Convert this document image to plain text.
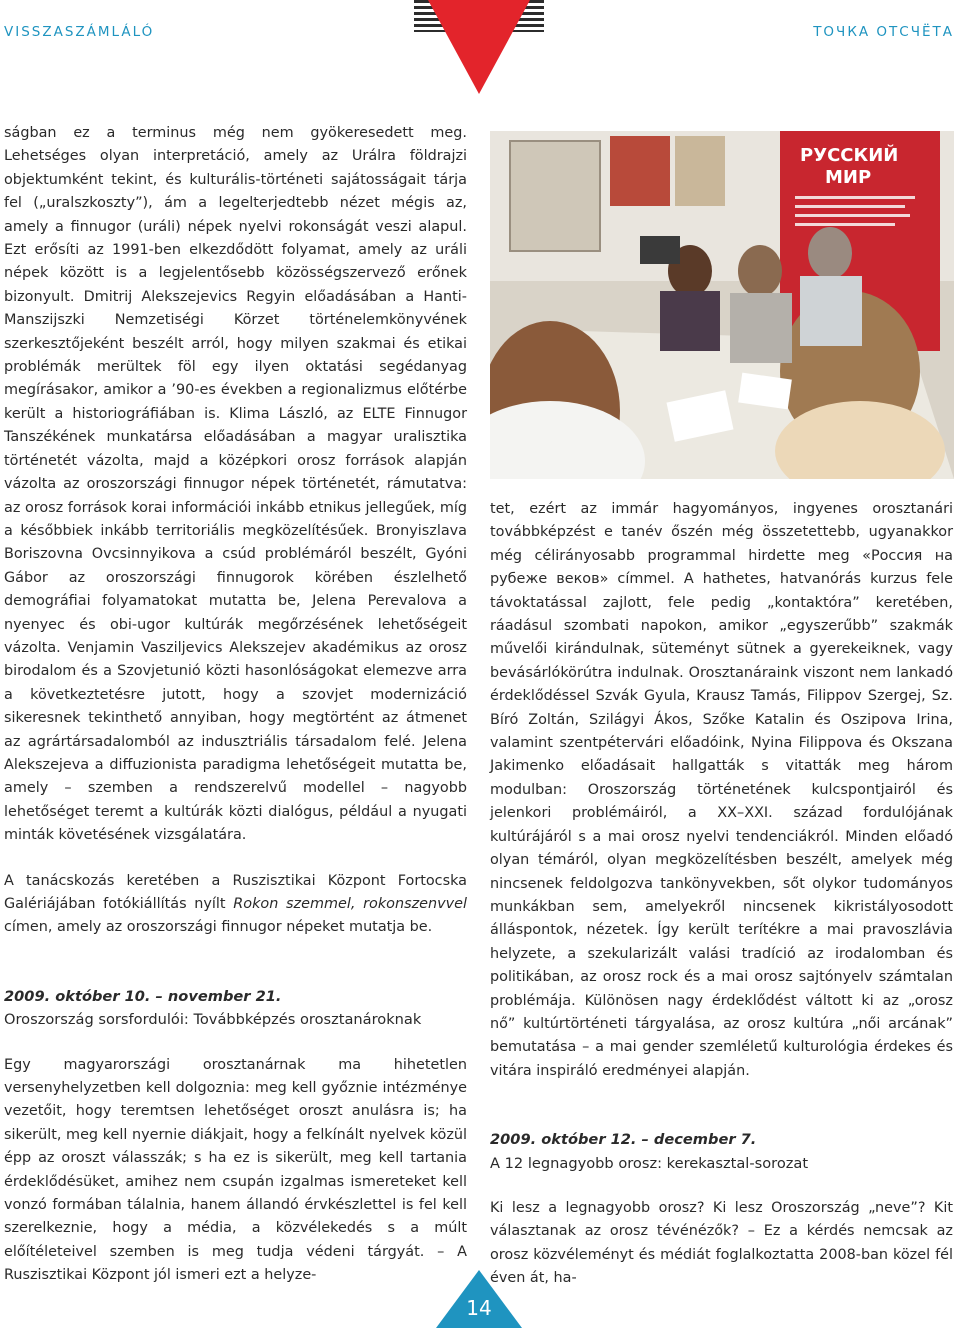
VISSZASZÁMLÁLÓ	ТОЧКА ОТСЧЁТА
РУССКИЙ
МИР

ságban ez a terminus még nem gyökeresedett meg. Lehetséges olyan interpretáció, amely az Urálra földrajzi objektumként tekint, és kulturális-történeti sajátosságait tárja fel („uralszkoszty”), ám a legelterjedtebb nézet mégis az, amely a finnugor (uráli) népek nyelvi rokonságát veszi alapul. Ezt erősíti az 1991-ben elkezdődött folyamat, amely az uráli népek között is a legjelentősebb közösségszervező erőnek bizonyult. Dmitrij Alekszejevics Regyin előadásában a Hanti-Manszijszki Nemzetiségi Körzet történelemkönyvének szerkesztőjeként beszélt arról, hogy milyen szakmai és etikai problémák merültek föl egy ilyen oktatási segédanyag megírásakor, amikor a ’90-es években a regionalizmus előtérbe került a historiográfiában is. Klima László, az ELTE Finnugor Tanszékének munkatársa előadásában a magyar uralisztika történetét vázolta, majd a középkori orosz források alapján vázolta az oroszországi finnugor népek történetét, rámutatva: az orosz források korai információi inkább etnikus jellegűek, míg a későbbiek inkább territoriális megközelítésűek. Bronyiszlava Boriszovna Ovcsinnyikova a csúd problémáról beszélt, Gyóni Gábor az oroszországi finnugorok körében észlelhető demográfiai folyamatokat mutatta be, Jelena Perevalova a nyenyec és obi-ugor kultúrák megőrzésének lehetőségeit vázolta. Venjamin Vasziljevics Alekszejev akadémikus az orosz birodalom és a Szovjetunió közti hasonlóságokat elemezve arra a következtetésre jutott, hogy a szovjet modernizáció sikeresnek tekinthető annyiban, hogy megtörtént az átmenet az agrártársadalomból az indusztriális társadalom felé. Jelena Alekszejeva a diffuzionista paradigma lehetőségeit mutatta be, amely – szemben a rendszerelvű modellel – nagyobb lehetőséget teremt a kultúrák közti dialógus, például a nyugati minták követésének vizsgálatára.

A tanácskozás keretében a Ruszisztikai Központ Fortocska Galériájában fotókiállítás nyílt Rokon szemmel, rokonszenvvel címen, amely az oroszországi finnugor népeket mutatja be.

2009. október 10. – november 21.
Oroszország sorsfordulói: Továbbképzés orosztanároknak

Egy magyarországi orosztanárnak ma hihetetlen versenyhelyzetben kell dolgoznia: meg kell győznie intézménye vezetőit, hogy teremtsen lehetőséget oroszt anulásra is; ha sikerült, meg kell nyernie diákjait, hogy a felkínált nyelvek közül épp az oroszt válasszák; s ha ez is sikerült, meg kell tartania érdeklődésüket, amihez nem csupán izgalmas ismereteket kell vonzó formában tálalnia, hanem állandó érvkészlettel is fel kell szerelkeznie, hogy a média, a közvélekedés s a múlt előítéleteivel szemben is meg tudja védeni tárgyát. – A Ruszisztikai Központ jól ismeri ezt a helyze-

tet, ezért az immár hagyományos, ingyenes orosztanári továbbképzést e tanév őszén még összetettebb, ugyanakkor még célirányosabb programmal hirdette meg «Россия на рубеже веков» címmel. A hathetes, hatvanórás kurzus fele távoktatással zajlott, fele pedig „kontaktóra” keretében, ráadásul szombati napokon, amikor „egyszerűbb” szakmák művelői kirándulnak, süteményt sütnek a gyerekeiknek, vagy bevásárlókörútra indulnak. Orosztanáraink viszont nem lankadó érdeklődéssel Szvák Gyula, Krausz Tamás, Filippov Szergej, Sz. Bíró Zoltán, Szilágyi Ákos, Szőke Katalin és Oszipova Irina, valamint szentpétervári előadóink, Nyina Filippova és Okszana Jakimenko előadásait hallgatták s vitatták meg három modulban: Oroszország történetének kulcspontjairól és jelenkori problémáiról, a XX–XXI. század fordulójának kultúrájáról s a mai orosz nyelvi tendenciákról. Minden előadó olyan témáról, olyan megközelítésben beszélt, amelyek még nincsenek feldolgozva tankönyvekben, sőt olykor tudományos munkákban sem, amelyekről nincsenek kikristályosodott álláspontok, nézetek. Így került terítékre a mai pravoszlávia helyzete, a szekularizált valási tradíció az irodalomban és politikában, az orosz rock és a mai orosz sajtónyelv számtalan problémája. Különösen nagy érdeklődést váltott ki az „orosz nő” kultúrtörténeti tárgyalása, az orosz kultúra „női arcának” bemutatása – a mai gender szemléletű kulturológia érdekes és vitára inspiráló eredményei alapján.

2009. október 12. – december 7.
A 12 legnagyobb orosz: kerekasztal-sorozat

Ki lesz a legnagyobb orosz? Ki lesz Oroszország „neve”? Kit választanak az orosz tévénézők? – Ez a kérdés nemcsak az orosz közvéleményt és médiát foglalkoztatta 2008-ban közel fél éven át, ha-

14
